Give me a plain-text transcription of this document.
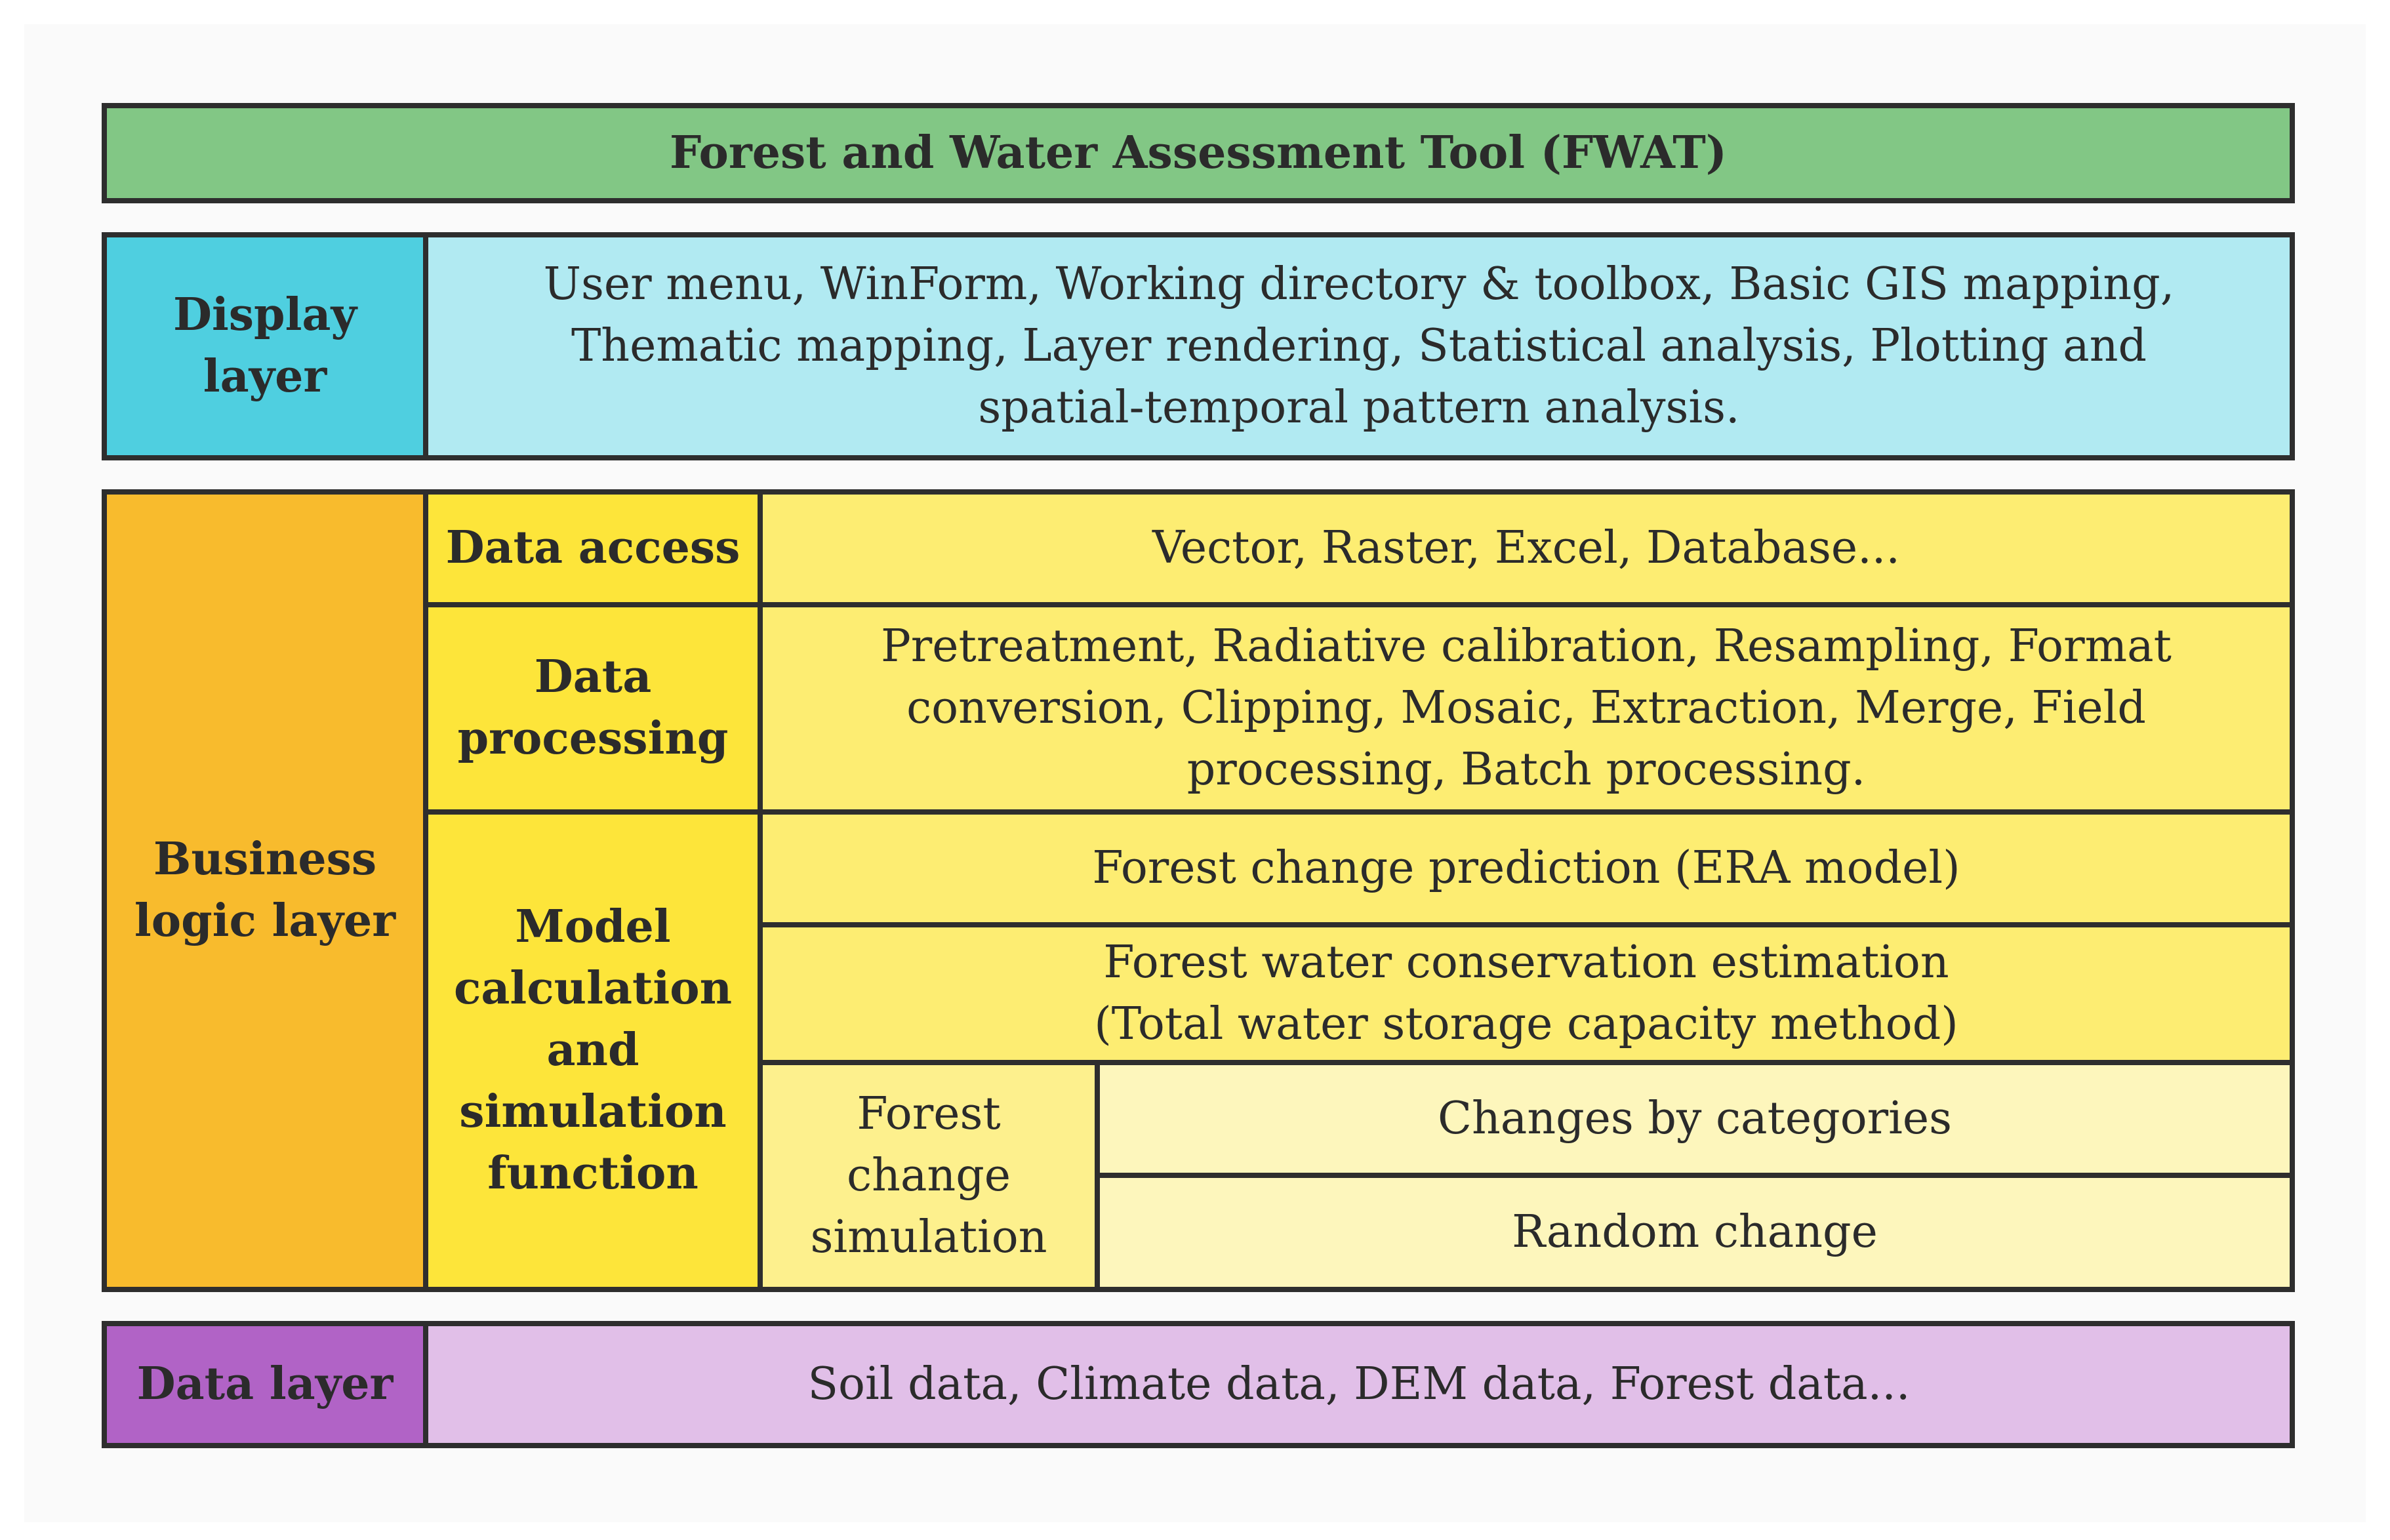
Forest and Water Assessment Tool (FWAT)
Display layer
User menu, WinForm, Working directory & toolbox, Basic GIS mapping, Thematic mapping, Layer rendering, Statistical analysis, Plotting and spatial-temporal pattern analysis.
Business logic layer
Data access	Vector, Raster, Excel, Database...
Data processing
Pretreatment, Radiative calibration, Resampling, Format conversion, Clipping, Mosaic, Extraction, Merge, Field processing, Batch processing.
Model calculation and simulation function
Forest change prediction (ERA model)
Forest water conservation estimation
(Total water storage capacity method)
Forest change simulation
Changes by categories
Random change
Data layer	Soil data, Climate data, DEM data, Forest data...
